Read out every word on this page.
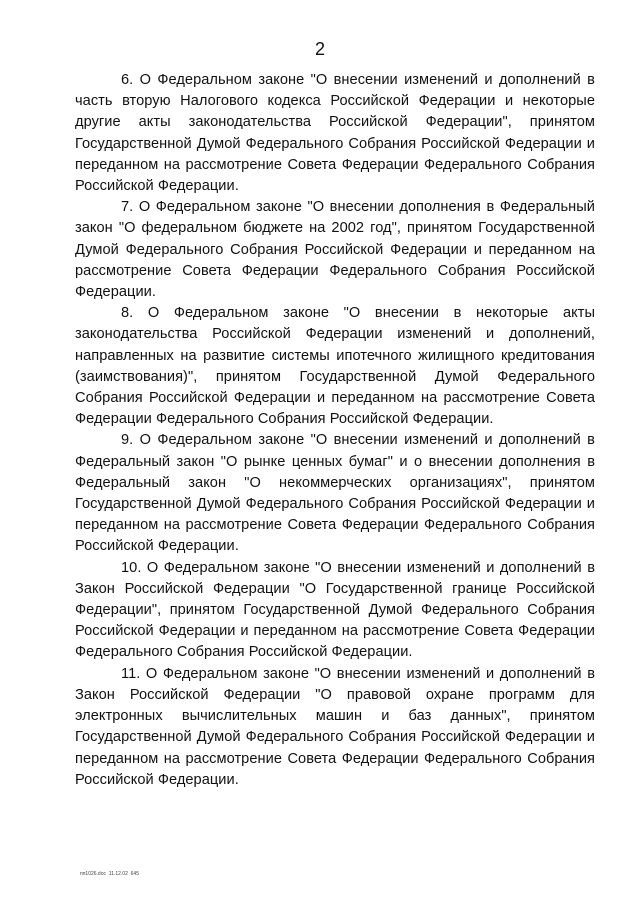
2

6. О Федеральном законе "О внесении изменений и дополнений в часть вторую Налогового кодекса Российской Федерации и некоторые другие акты законодательства Российской Федерации", принятом Государственной Думой Федерального Собрания Российской Федерации и переданном на рассмотрение Совета Федерации Федерального Собрания Российской Федерации.

7. О Федеральном законе "О внесении дополнения в Федеральный закон "О федеральном бюджете на 2002 год", принятом Государственной Думой Федерального Собрания Российской Федерации и переданном на рассмотрение Совета Федерации Федерального Собрания Российской Федерации.

8. О Федеральном законе "О внесении в некоторые акты законодательства Российской Федерации изменений и дополнений, направленных на развитие системы ипотечного жилищного кредитования (заимствования)", принятом Государственной Думой Федерального Собрания Российской Федерации и переданном на рассмотрение Совета Федерации Федерального Собрания Российской Федерации.

9. О Федеральном законе "О внесении изменений и дополнений в Федеральный закон "О рынке ценных бумаг" и о внесении дополнения в Федеральный закон "О некоммерческих организациях", принятом Государственной Думой Федерального Собрания Российской Федерации и переданном на рассмотрение Совета Федерации Федерального Собрания Российской Федерации.

10. О Федеральном законе "О внесении изменений и дополнений в Закон Российской Федерации "О Государственной границе Российской Федерации", принятом Государственной Думой Федерального Собрания Российской Федерации и переданном на рассмотрение Совета Федерации Федерального Собрания Российской Федерации.

11. О Федеральном законе "О внесении изменений и дополнений в Закон Российской Федерации "О правовой охране программ для электронных вычислительных машин и баз данных", принятом Государственной Думой Федерального Собрания Российской Федерации и переданном на рассмотрение Совета Федерации Федерального Собрания Российской Федерации.

пп1026.doc 11.12.02 645
